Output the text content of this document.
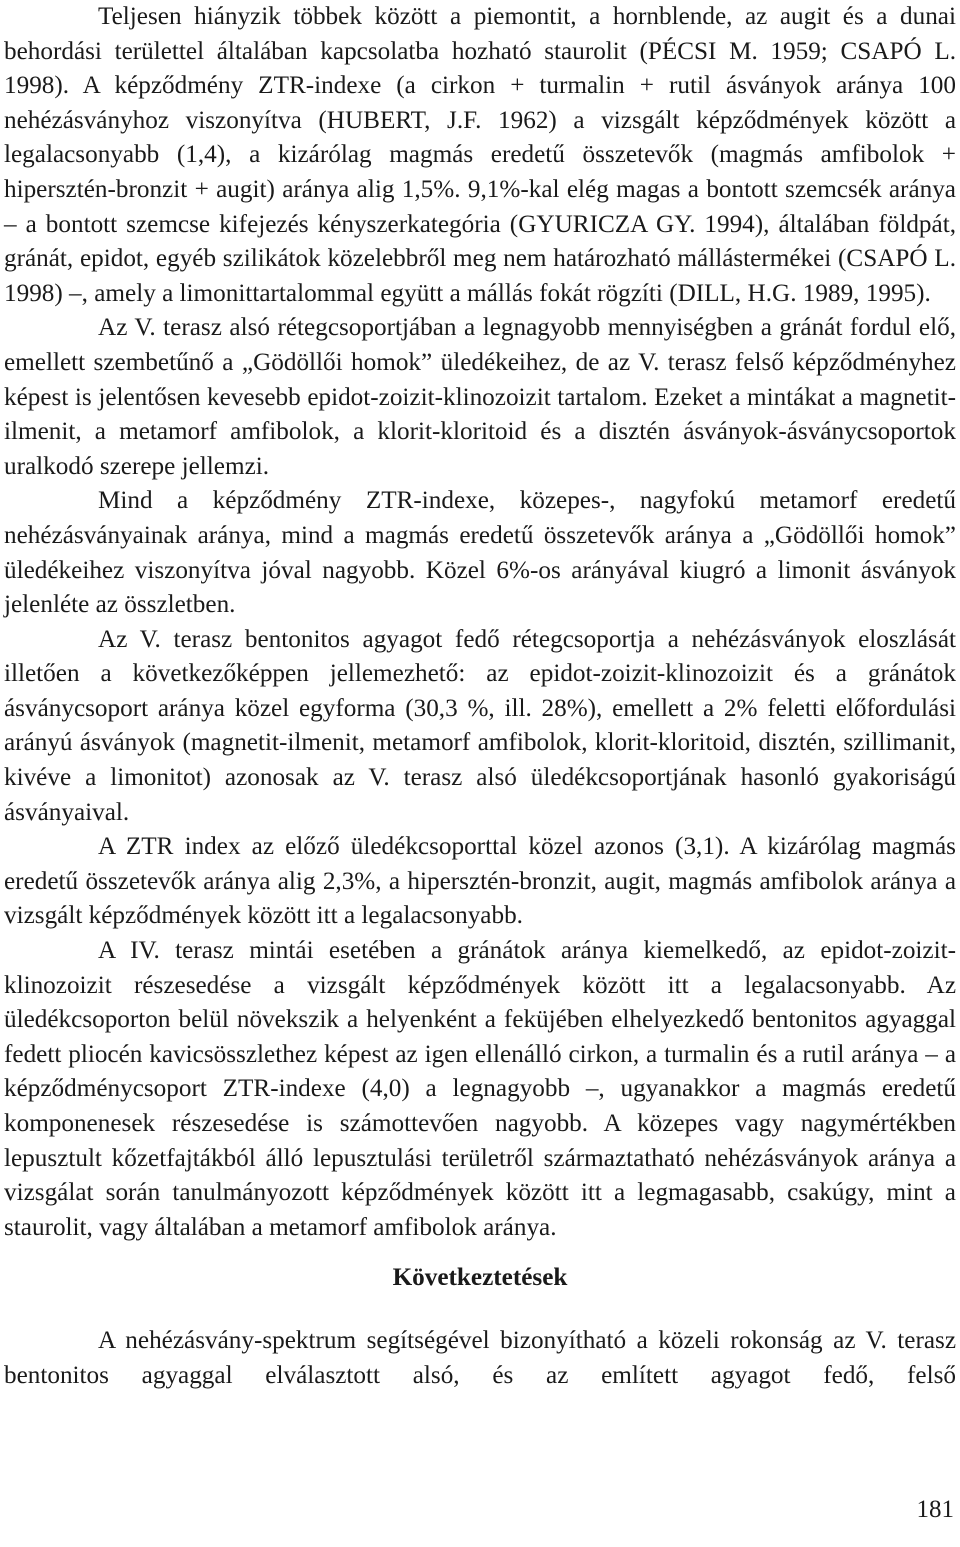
Teljesen hiányzik többek között a piemontit, a hornblende, az augit és a dunai behordási területtel általában kapcsolatba hozható staurolit (PÉCSI M. 1959; CSAPÓ L. 1998). A képződmény ZTR-indexe (a cirkon + turmalin + rutil ásványok aránya 100 nehézásványhoz viszonyítva (HUBERT, J.F. 1962) a vizsgált képződmények között a legalacsonyabb (1,4), a kizárólag magmás eredetű összetevők (magmás amfibolok + hipersztén-bronzit + augit) aránya alig 1,5%. 9,1%-kal elég magas a bontott szemcsék aránya – a bontott szemcse kifejezés kényszerkategória (GYURICZA GY. 1994), általában földpát, gránát, epidot, egyéb szilikátok közelebbről meg nem határozható mállástermékei (CSAPÓ L. 1998) –, amely a limonittartalommal együtt a mállás fokát rögzíti (DILL, H.G. 1989, 1995).

Az V. terasz alsó rétegcsoportjában a legnagyobb mennyiségben a gránát fordul elő, emellett szembetűnő a „Gödöllői homok” üledékeihez, de az V. terasz felső képződményhez képest is jelentősen kevesebb epidot-zoizit-klinozoizit tartalom. Ezeket a mintákat a magnetit-ilmenit, a metamorf amfibolok, a klorit-kloritoid és a disztén ásványok-ásványcsoportok uralkodó szerepe jellemzi.

Mind a képződmény ZTR-indexe, közepes-, nagyfokú metamorf eredetű nehézásványainak aránya, mind a magmás eredetű összetevők aránya a „Gödöllői homok” üledékeihez viszonyítva jóval nagyobb. Közel 6%-os arányával kiugró a limonit ásványok jelenléte az összletben.

Az V. terasz bentonitos agyagot fedő rétegcsoportja a nehézásványok eloszlását illetően a következőképpen jellemezhető: az epidot-zoizit-klinozoizit és a gránátok ásványcsoport aránya közel egyforma (30,3 %, ill. 28%), emellett a 2% feletti előfordulási arányú ásványok (magnetit-ilmenit, metamorf amfibolok, klorit-kloritoid, disztén, szillimanit, kivéve a limonitot) azonosak az V. terasz alsó üledékcsoportjának hasonló gyakoriságú ásványaival.

A ZTR index az előző üledékcsoporttal közel azonos (3,1). A kizárólag magmás eredetű összetevők aránya alig 2,3%, a hipersztén-bronzit, augit, magmás amfibolok aránya a vizsgált képződmények között itt a legalacsonyabb.

A IV. terasz mintái esetében a gránátok aránya kiemelkedő, az epidot-zoizit-klinozoizit részesedése a vizsgált képződmények között itt a legalacsonyabb. Az üledékcsoporton belül növekszik a helyenként a feküjében elhelyezkedő bentonitos agyaggal fedett pliocén kavicsösszlethez képest az igen ellenálló cirkon, a turmalin és a rutil aránya – a képződménycsoport ZTR-indexe (4,0) a legnagyobb –, ugyanakkor a magmás eredetű komponenesek részesedése is számottevően nagyobb. A közepes vagy nagymértékben lepusztult kőzetfajtákból álló lepusztulási területről származtatható nehézásványok aránya a vizsgálat során tanulmányozott képződmények között itt a legmagasabb, csakúgy, mint a staurolit, vagy általában a metamorf amfibolok aránya.

Következtetések

A nehézásvány-spektrum segítségével bizonyítható a közeli rokonság az V. terasz bentonitos agyaggal elválasztott alsó, és az említett agyagot fedő, felső

181
